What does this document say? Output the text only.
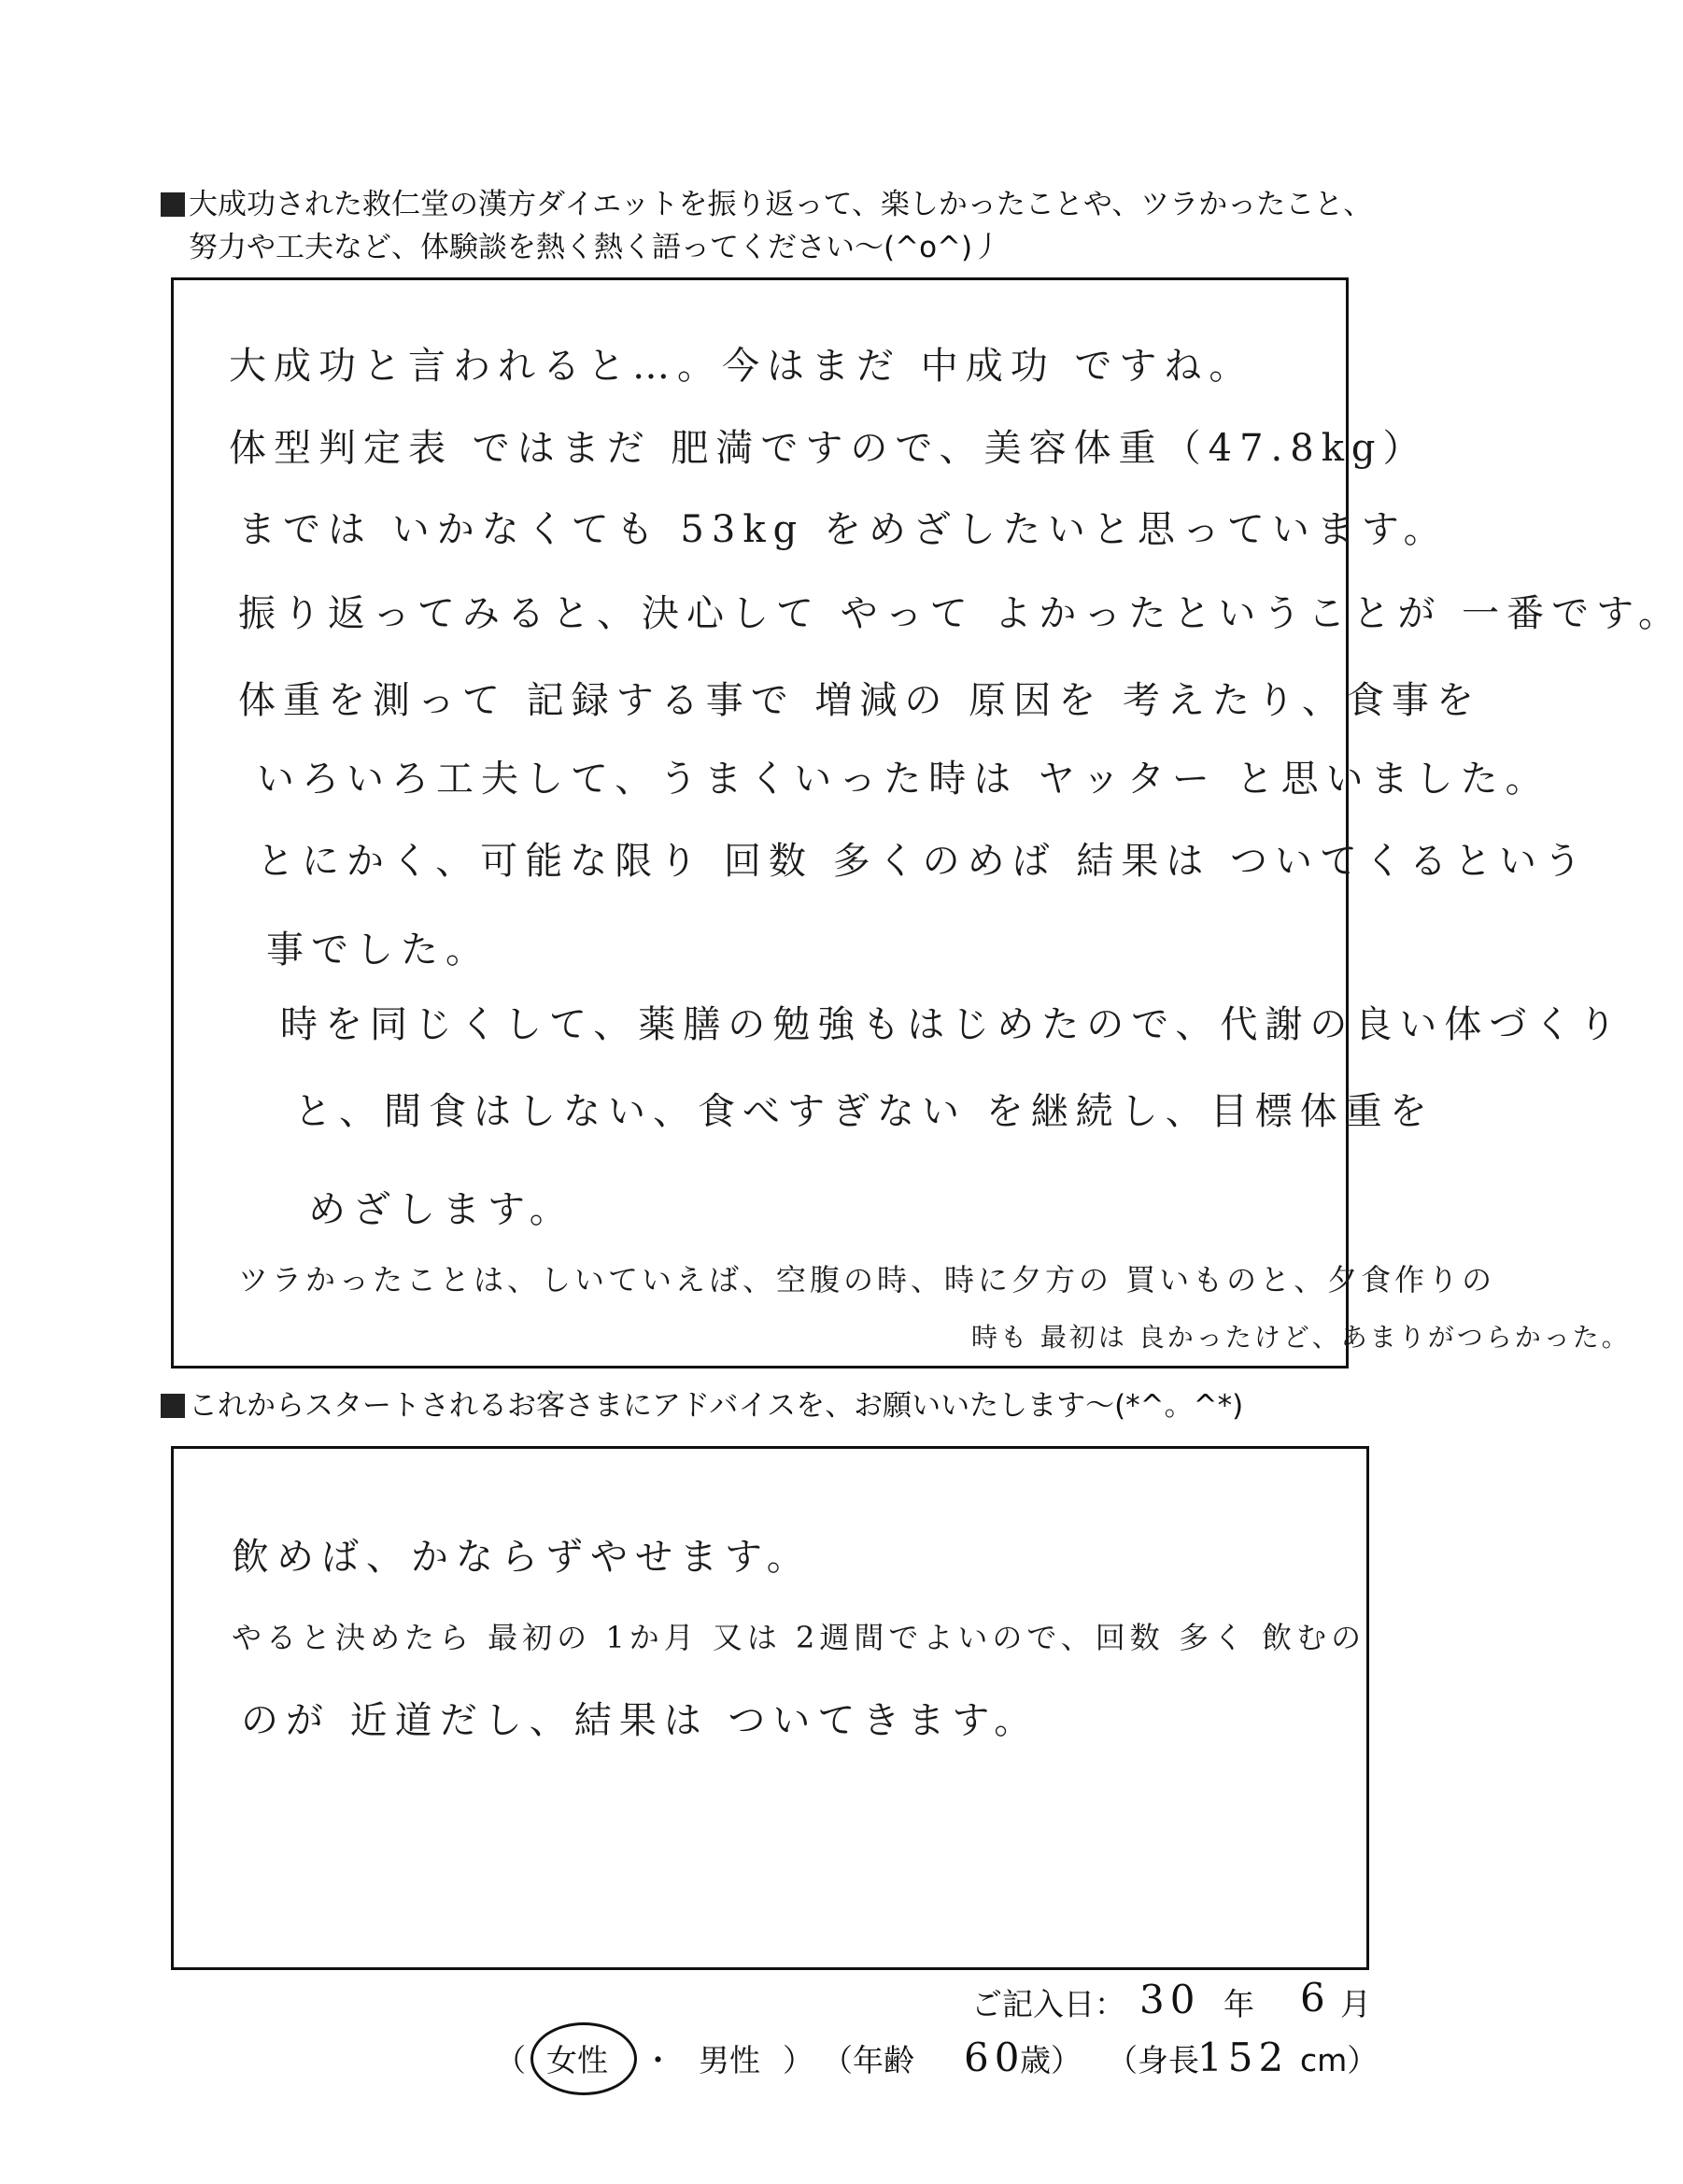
大成功された救仁堂の漢方ダイエットを振り返って、楽しかったことや、ツラかったこと、
努力や工夫など、体験談を熱く熱く語ってください～(^o^)丿
大成功と言われると…。今はまだ 中成功 ですね。
体型判定表 ではまだ 肥満ですので、美容体重（47.8kg）
までは いかなくても 53kg をめざしたいと思っています。
振り返ってみると、決心して やって よかったということが 一番です。
体重を測って 記録する事で 増減の 原因を 考えたり、食事を
いろいろ工夫して、うまくいった時は ヤッター と思いました。
とにかく、可能な限り 回数 多くのめば 結果は ついてくるという
事でした。
時を同じくして、薬膳の勉強もはじめたので、代謝の良い体づくり
と、間食はしない、食べすぎない を継続し、目標体重を
めざします。
ツラかったことは、しいていえば、空腹の時、時に夕方の 買いものと、夕食作りの
時も 最初は 良かったけど、あまりがつらかった。
これからスタートされるお客さまにアドバイスを、お願いいたします～(*^。^*)
飲めば、かならずやせます。
やると決めたら 最初の 1か月 又は 2週間でよいので、回数 多く 飲むの
のが 近道だし、結果は ついてきます。
ご記入日： 30 年 6 月
（ 女性 ・ 男性 ） （年齢 60
歳） （身長
152 cm）
